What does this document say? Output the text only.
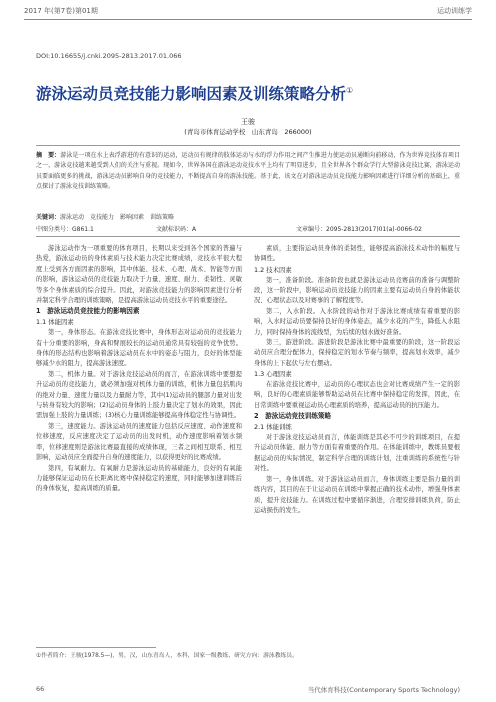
2017 年(第7卷)第01期	运动训练学
DOI:10.16655/j.cnki.2095-2813.2017.01.066
游泳运动员竞技能力影响因素及训练策略分析①
王骏
(青岛市体育运动学校　山东青岛　266000)
摘　要：游泳是一项在水上表浮游进的有意识的运动，运动员有规律的肢体运动与水的浮力作用之间产生推进力使运动员通断向前移动，作为世界竞技体育项目之一，游泳竞技越来越受到人们的关注与重视。现如今，世界各国在游泳运动竞技水平上均有了明显进步，且全世界各个群众学行大型游泳竞技比赛，游泳运动员要面临更多的挑战，游泳运动员影响自身的竞技能力，不断提高自身的游泳技能。基于此，该文在对游泳运动员竞技能力影响因素进行详细分析的基础上，重点探讨了游泳竞技训练策略。
关键词：游泳运动　竞技能力　影响因素　训练策略
中图分类号：G861.1	文献标识码：A	文章编号：2095-2813(2017)01(a)-0066-02

游泳运动作为一项重要的体育项目，长期以来受到各个国家的普遍与热爱，游泳运动员的身体素质与技术能力决定比赛成绩，竞技水平很大程度上受到各方面因素的影响，其中体能、技术、心理、战术、智能等方面的影响，游泳运动员的竞技能力取决于力量、速度、耐力、柔韧性、灵敏等多个身体素质的综合提升。因此，对游泳竞技能力的影响因素进行分析并制定科学合理的训练策略，是提高游泳运动员竞技水平的重要途径。

1　游泳运动员竞技能力的影响因素
1.1 体能因素

第一，身体形态。在游泳竞技比赛中，身体形态对运动员的竞技能力有十分重要的影响，身高和臂展较长的运动员通常具有较强的竞争优势。身体的形态结构也影响着游泳运动员在水中的姿态与阻力，良好的体型能够减少水的阻力，提高游泳速度。

第二，机体力量。对于游泳竞技运动员的而言，在游泳训练中要想提升运动员的竞技能力，就必须加强对机体力量的训练，机体力量包括肌肉的绝对力量、速度力量以及力量耐力等，其中(1)运动员的腿部力量对出发与转身有较大的影响；(2)运动员身体的上肢力量决定了划水的效果，因此需加强上肢的力量训练；(3)核心力量训练能够提高身体稳定性与协调性。

第三，速度能力。游泳运动员的速度能力包括反应速度、动作速度和位移速度，反应速度决定了运动员的出发时机，动作速度影响着划水频率，位移速度则是游泳比赛最直接的成绩体现，三者之间相互联系、相互影响，运动员应全面提升自身的速度能力，以获得更好的比赛成绩。

第四，有氧耐力。有氧耐力是游泳运动员的基础能力，良好的有氧能力能够保证运动员在长距离比赛中保持稳定的速度，同时能够加速训练后的身体恢复，提高训练的质量。

素质，主要指运动员身体的柔韧性，能够提高游泳技术动作的幅度与协调性。

1.2 技术因素

第一，准备阶段。准备阶段也就是游泳运动员竞赛前的准备与调整阶段，这一阶段中，影响运动员竞技能力的因素主要有运动员自身的体能状况、心理状态以及对赛事的了解程度等。

第二，入水阶段。入水阶段的动作对于游泳比赛成绩有着重要的影响，入水时运动员要保持良好的身体姿态，减少水花的产生，降低入水阻力，同时保持身体的流线型，为后续的划水做好准备。

第三，游进阶段。游进阶段是游泳比赛中最重要的阶段，这一阶段运动员应合理分配体力，保持稳定的划水节奏与频率，提高划水效率，减少身体的上下起伏与左右摆动。

1.3 心理因素

在游泳竞技比赛中，运动员的心理状态也会对比赛成绩产生一定的影响，良好的心理素质能够帮助运动员在比赛中保持稳定的发挥，因此，在日常训练中要重视运动员心理素质的培养，提高运动员的抗压能力。

2　游泳运动竞技训练策略
2.1 体能训练

对于游泳竞技运动员而言，体能训练是其必不可少的训练项目，在提升运动员体能、耐力等方面有着重要的作用。在体能训练中，教练员要根据运动员的实际情况，制定科学合理的训练计划，注重训练的系统性与针对性。

第一，身体训练。对于游泳运动员而言，身体训练主要是指力量的训练内容，其目的在于让运动员在训练中掌握正确的技术动作，增强身体素质，提升竞技能力。在训练过程中要循序渐进，合理安排训练负荷，防止运动损伤的发生。

①作者简介：王骏(1978.5—)，男，汉，山东青岛人，本科，国家一级教练，研究方向：游泳教练员。
66	当代体育科技(Contemporary Sports Technology)
